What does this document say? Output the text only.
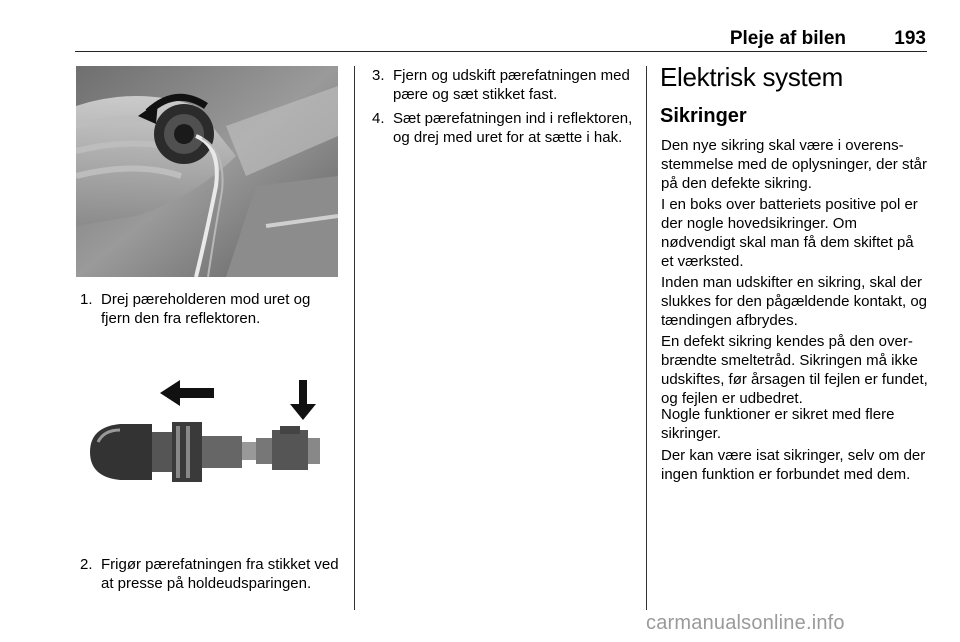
Pleje af bilen	193
1. Drej pæreholderen mod uret og fjern den fra reflektoren.
2. Frigør pærefatningen fra stikket ved at presse på holdeudsparingen.
3. Fjern og udskift pærefatningen med pære og sæt stikket fast.
4. Sæt pærefatningen ind i reflektoren, og drej med uret for at sætte i hak.
Elektrisk system
Sikringer
Den nye sikring skal være i overensstemmelse med de oplysninger, der står på den defekte sikring.
I en boks over batteriets positive pol er der nogle hovedsikringer. Om nødvendigt skal man få dem skiftet på et værksted.
Inden man udskifter en sikring, skal der slukkes for den pågældende kontakt, og tændingen afbrydes.
En defekt sikring kendes på den overbrændte smeltetråd. Sikringen må ikke udskiftes, før årsagen til fejlen er fundet, og fejlen er udbedret.
Nogle funktioner er sikret med flere sikringer.
Der kan være isat sikringer, selv om der ingen funktion er forbundet med dem.
carmanualsonline.info
